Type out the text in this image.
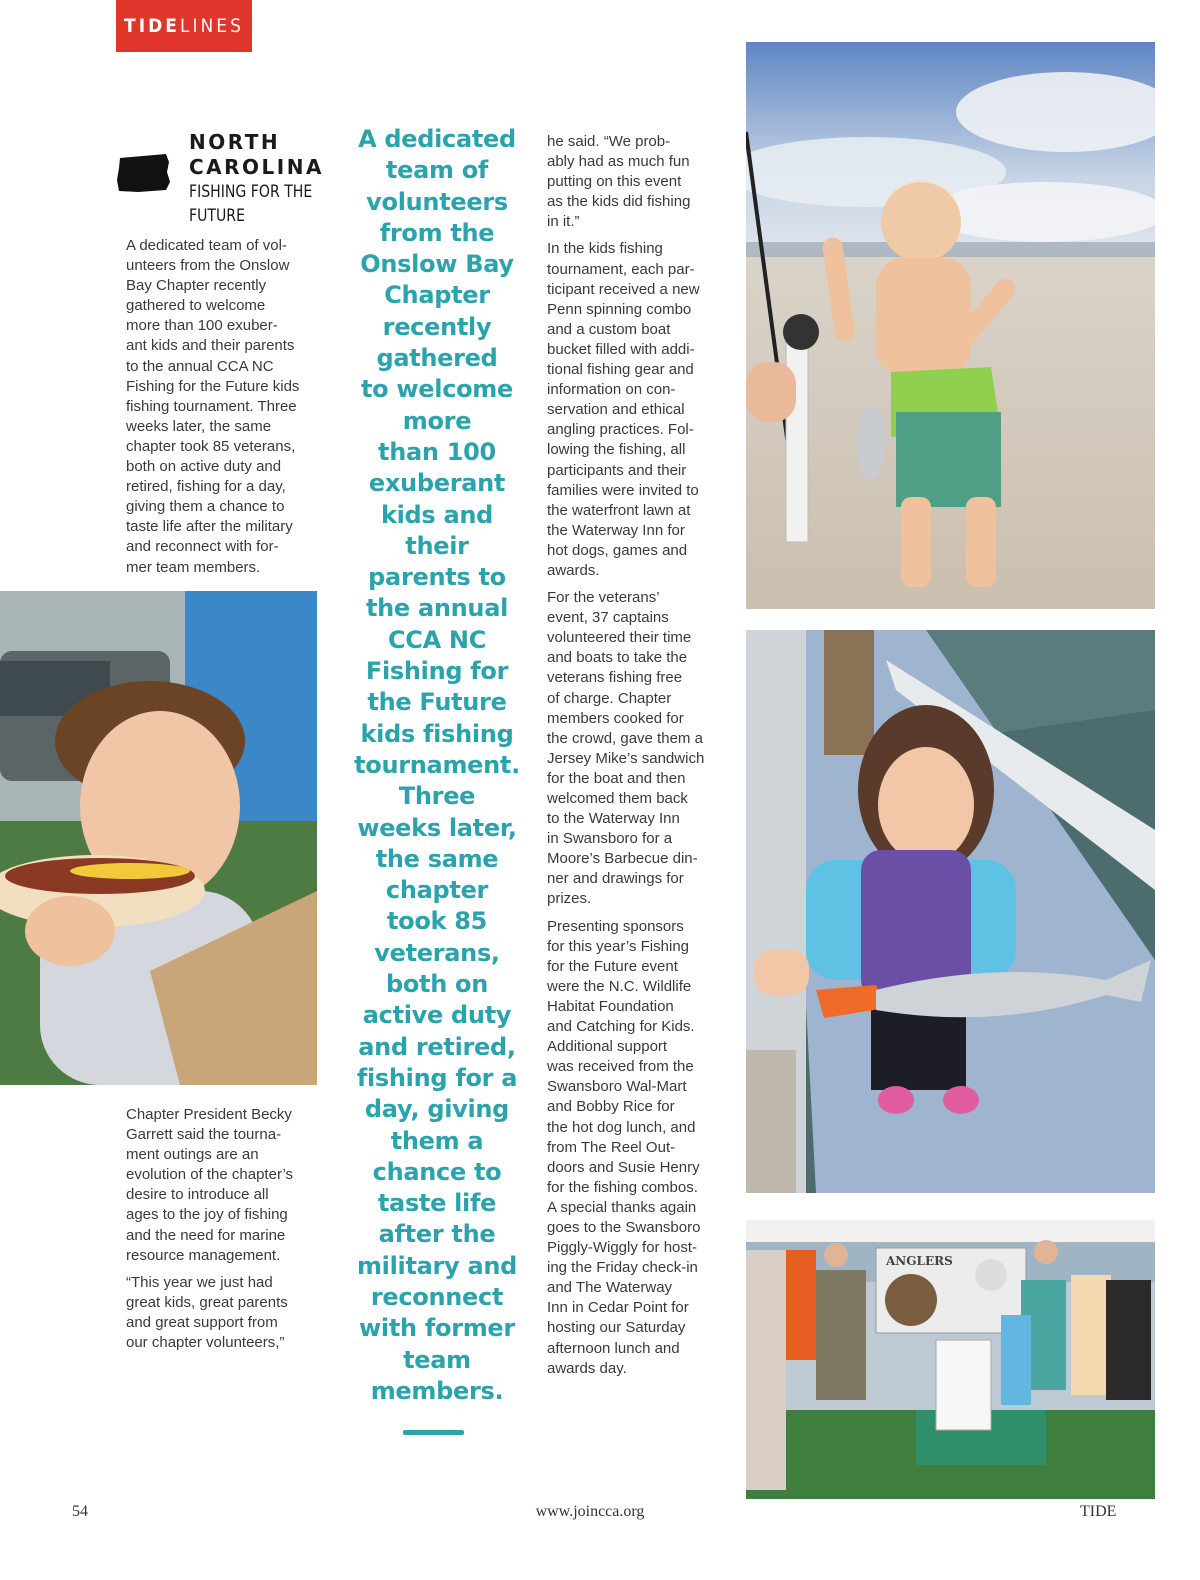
TIDE LINES
NORTH
CAROLINA
FISHING FOR THE
FUTURE
A dedicated team of vol-
unteers from the Onslow
Bay Chapter recently
gathered to welcome
more than 100 exuber-
ant kids and their parents
to the annual CCA NC
Fishing for the Future kids
fishing tournament. Three
weeks later, the same
chapter took 85 veterans,
both on active duty and
retired, fishing for a day,
giving them a chance to
taste life after the military
and reconnect with for-
mer team members.

Chapter President Becky
Garrett said the tourna-
ment outings are an
evolution of the chapter’s
desire to introduce all
ages to the joy of fishing
and the need for marine
resource management.

“This year we just had
great kids, great parents
and great support from
our chapter volunteers,”

A dedicated
team of
volunteers
from the
Onslow Bay
Chapter
recently
gathered
to welcome
more
than 100
exuberant
kids and
their
parents to
the annual
CCA NC
Fishing for
the Future
kids fishing
tournament.
Three
weeks later,
the same
chapter
took 85
veterans,
both on
active duty
and retired,
fishing for a
day, giving
them a
chance to
taste life
after the
military and
reconnect
with former
team
members.

he said. “We prob-
ably had as much fun
putting on this event
as the kids did fishing
in it.”

In the kids fishing
tournament, each par-
ticipant received a new
Penn spinning combo
and a custom boat
bucket filled with addi-
tional fishing gear and
information on con-
servation and ethical
angling practices. Fol-
lowing the fishing, all
participants and their
families were invited to
the waterfront lawn at
the Waterway Inn for
hot dogs, games and
awards.

For the veterans’
event, 37 captains
volunteered their time
and boats to take the
veterans fishing free
of charge. Chapter
members cooked for
the crowd, gave them a
Jersey Mike’s sandwich
for the boat and then
welcomed them back
to the Waterway Inn
in Swansboro for a
Moore’s Barbecue din-
ner and drawings for
prizes.

Presenting sponsors
for this year’s Fishing
for the Future event
were the N.C. Wildlife
Habitat Foundation
and Catching for Kids.
Additional support
was received from the
Swansboro Wal-Mart
and Bobby Rice for
the hot dog lunch, and
from The Reel Out-
doors and Susie Henry
for the fishing combos.
A special thanks again
goes to the Swansboro
Piggly-Wiggly for host-
ing the Friday check-in
and The Waterway
Inn in Cedar Point for
hosting our Saturday
afternoon lunch and
awards day.

ANGLERS
54	www.joincca.org	TIDE
